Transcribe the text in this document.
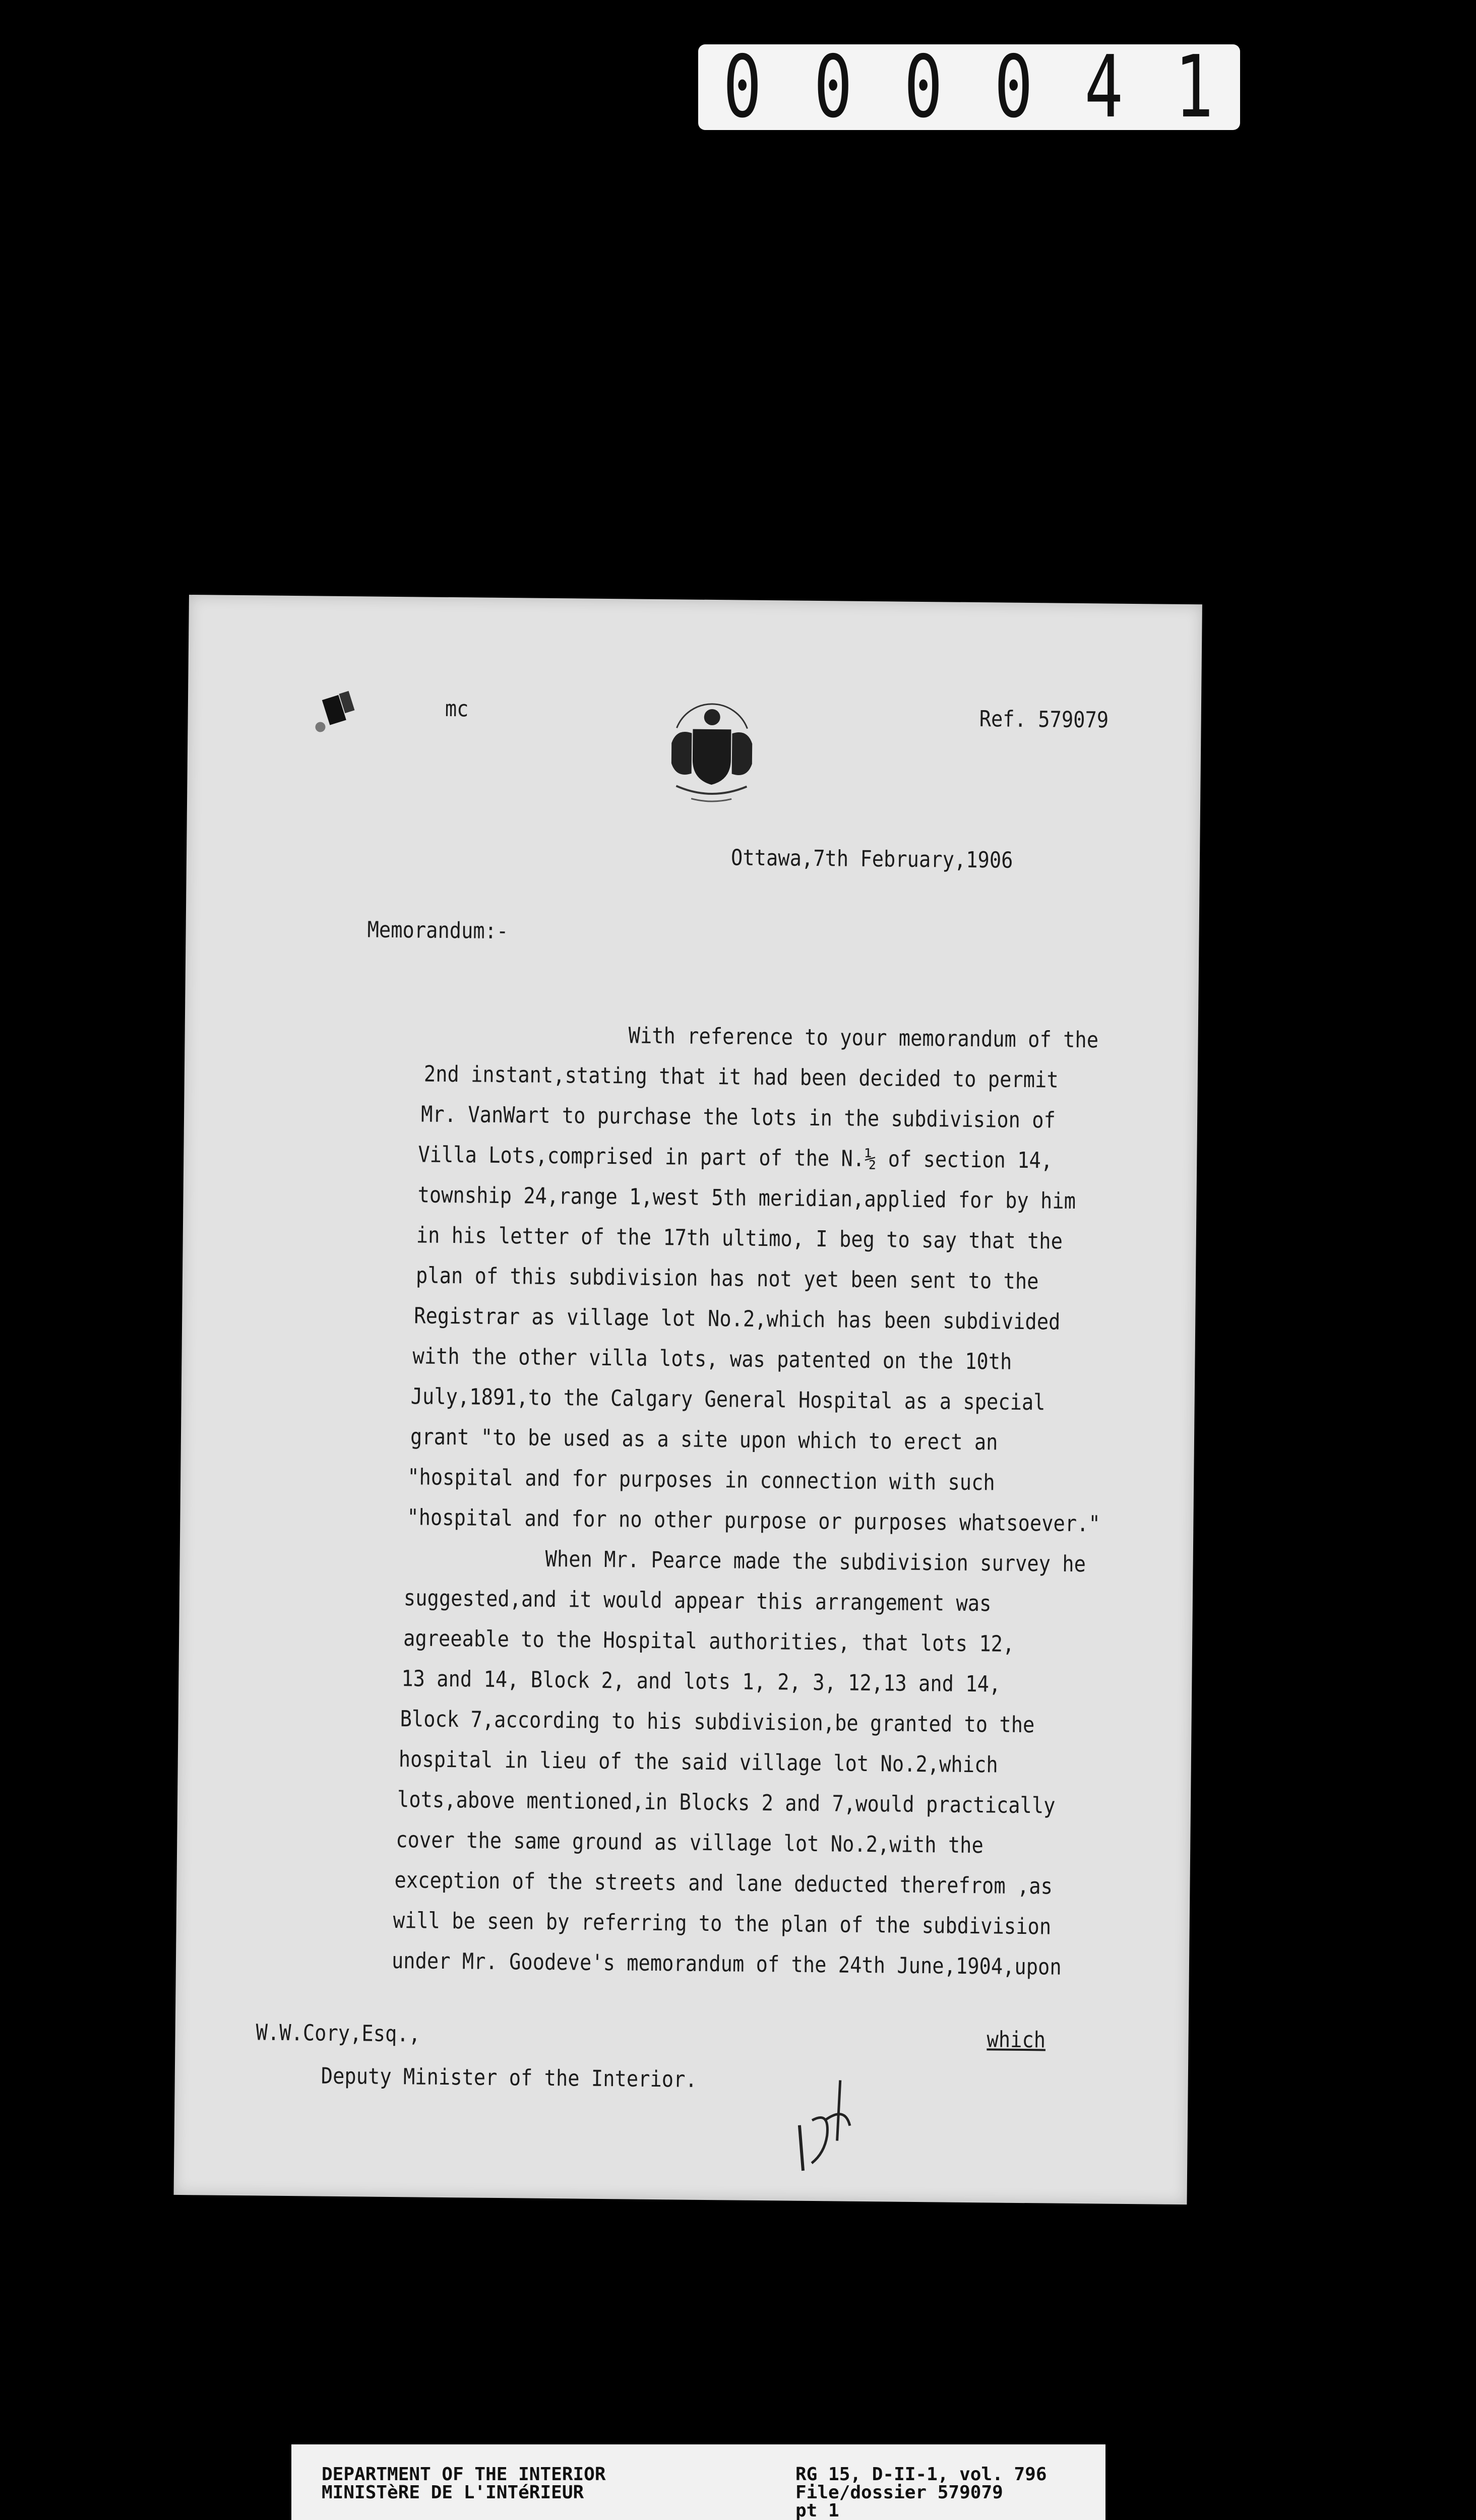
0 0 0 0 4 1
mc	Ref. 579079
Ottawa,7th February,1906
Memorandum:-
With reference to your memorandum of the
2nd instant,stating that it had been decided to permit
Mr. VanWart to purchase the lots in the subdivision of
Villa Lots,comprised in part of the N.½ of section 14,
township 24,range 1,west 5th meridian,applied for by him
in his letter of the 17th ultimo, I beg to say that the
plan of this subdivision has not yet been sent to the
Registrar as village lot No.2,which has been subdivided
with the other villa lots, was patented on the 10th
July,1891,to the Calgary General Hospital as a special
grant "to be used as a site upon which to erect an
"hospital and for purposes in connection with such
"hospital and for no other purpose or purposes whatsoever."
When Mr. Pearce made the subdivision survey he
suggested,and it would appear this arrangement was
agreeable to the Hospital authorities, that lots 12,
13 and 14, Block 2, and lots 1, 2, 3, 12,13 and 14,
Block 7,according to his subdivision,be granted to the
hospital in lieu of the said village lot No.2,which
lots,above mentioned,in Blocks 2 and 7,would practically
cover the same ground as village lot No.2,with the
exception of the streets and lane deducted therefrom ,as
will be seen by referring to the plan of the subdivision
under Mr. Goodeve's memorandum of the 24th June,1904,upon
W.W.Cory,Esq.,	which
Deputy Minister of the Interior.
DEPARTMENT OF THE INTERIOR
MINISTèRE DE L'INTéRIEUR
RG 15, D-II-1, vol. 796
File/dossier 579079
pt 1
